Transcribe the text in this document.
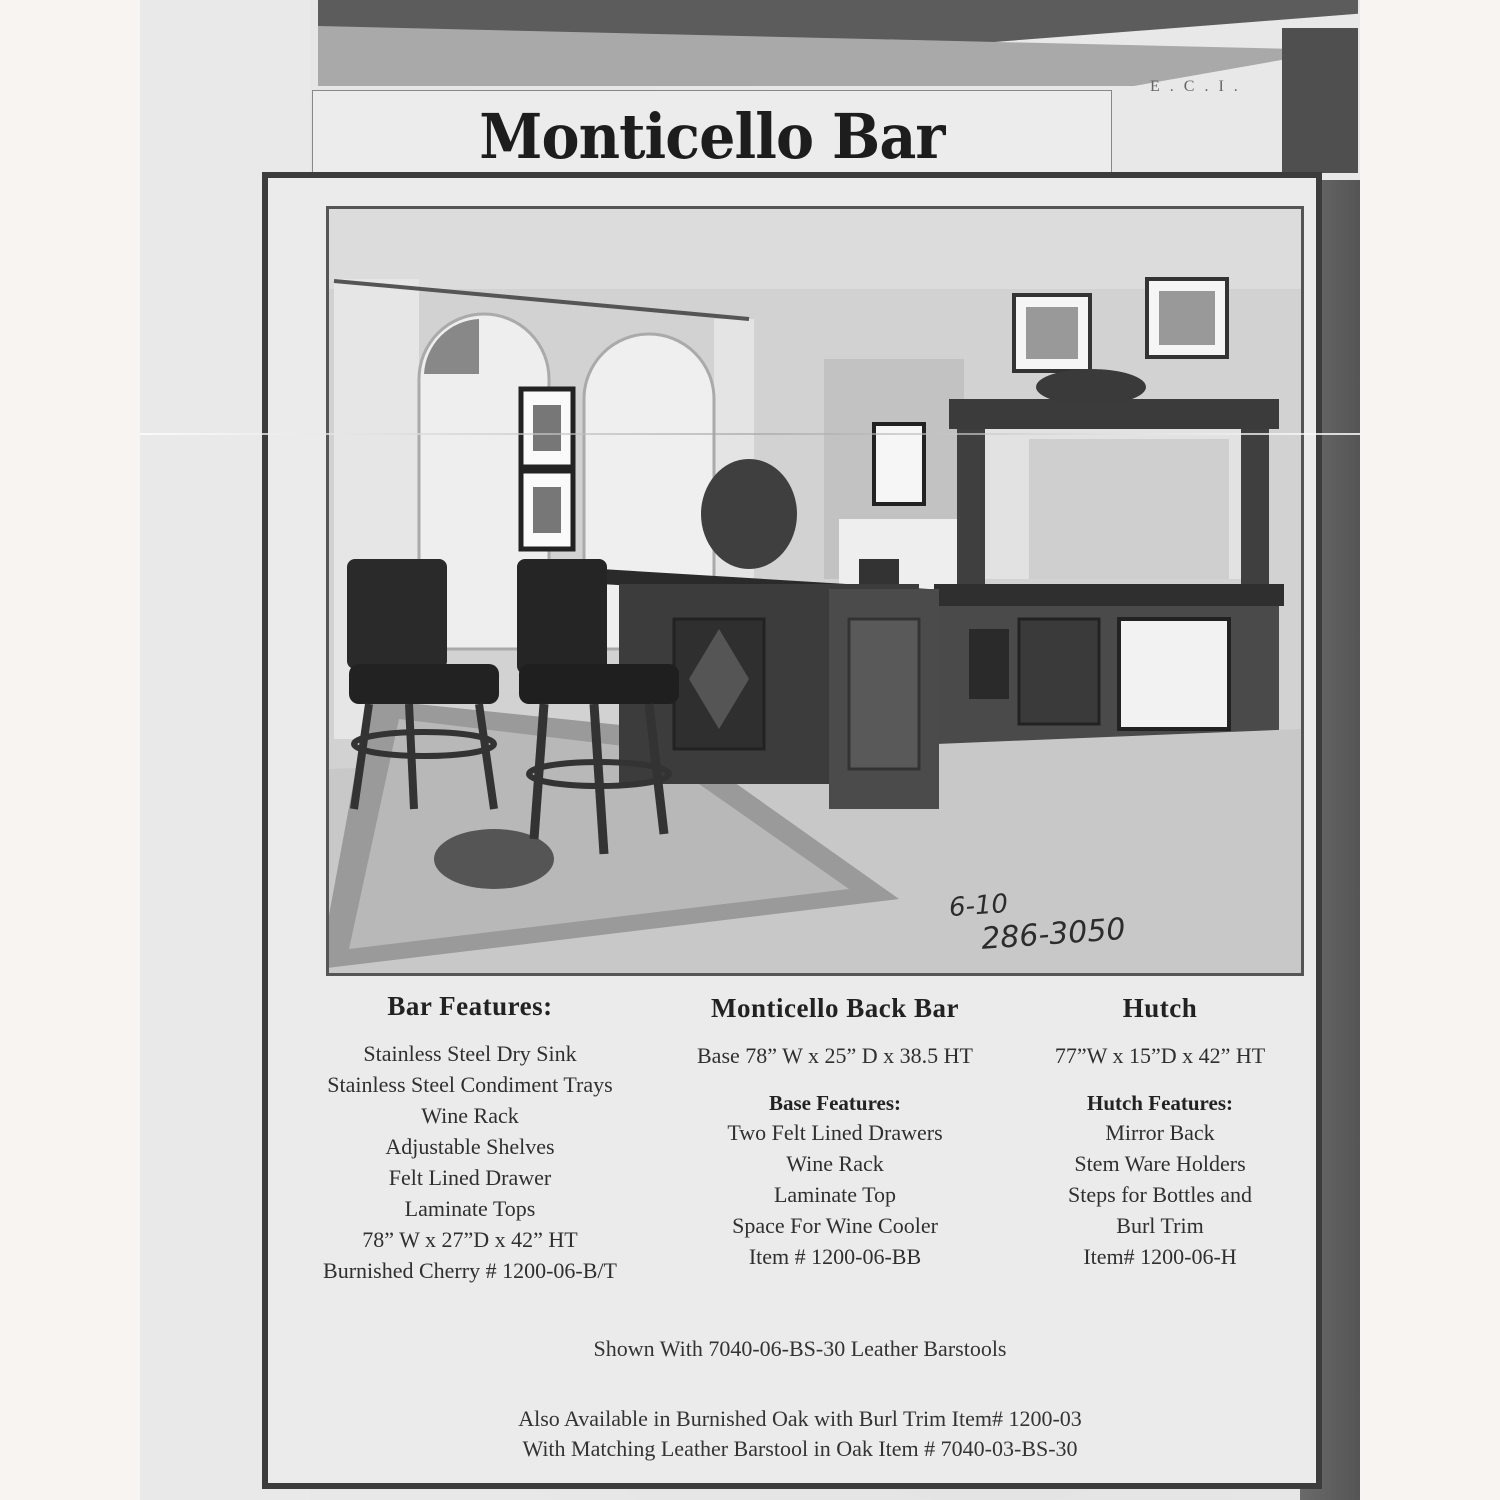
E.C.I.
Monticello Bar
6-10
286-3050
Bar Features:
Stainless Steel Dry Sink
Stainless Steel Condiment Trays
Wine Rack
Adjustable Shelves
Felt Lined Drawer
Laminate Tops
78” W x 27”D x 42” HT
Burnished Cherry # 1200-06-B/T
Monticello Back Bar
Base 78” W x 25” D x 38.5 HT
Base Features:
Two Felt Lined Drawers
Wine Rack
Laminate Top
Space For Wine Cooler
Item # 1200-06-BB
Hutch
77”W x 15”D x 42” HT
Hutch Features:
Mirror Back
Stem Ware Holders
Steps for Bottles and
Burl Trim
Item# 1200-06-H
Shown With 7040-06-BS-30 Leather Barstools
Also Available in Burnished Oak with Burl Trim Item# 1200-03
With Matching Leather Barstool in Oak Item # 7040-03-BS-30
